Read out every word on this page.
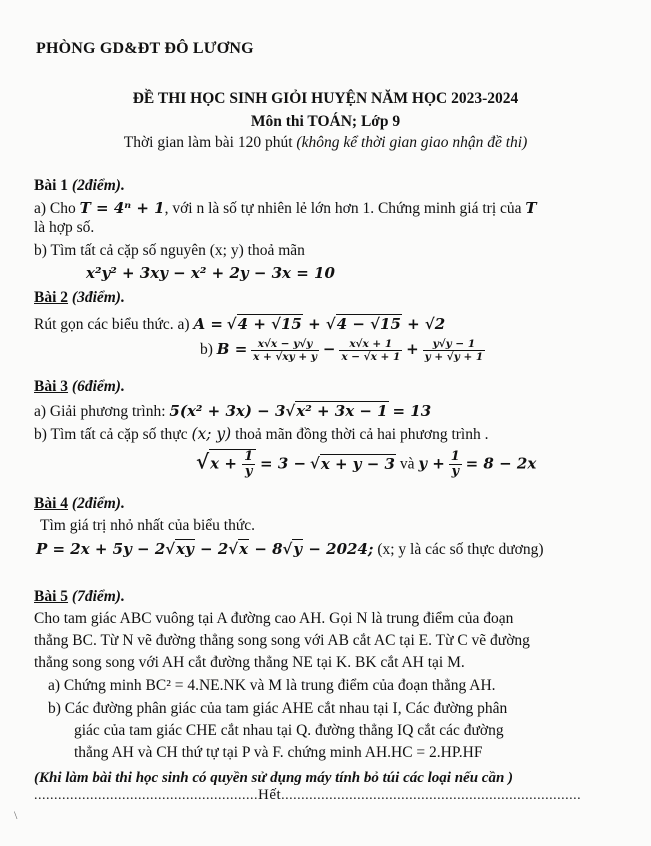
PHÒNG GD&ĐT ĐÔ LƯƠNG
ĐỀ THI HỌC SINH GIỎI HUYỆN NĂM HỌC 2023-2024
Môn thi TOÁN; Lớp 9
Thời gian làm bài 120 phút (không kể thời gian giao nhận đề thi)
Bài 1 (2điểm).
a) Cho T = 4ⁿ + 1, với n là số tự nhiên lẻ lớn hơn 1. Chứng minh giá trị của T
là hợp số.
b) Tìm tất cả cặp số nguyên (x; y) thoả mãn
x²y² + 3xy − x² + 2y − 3x = 10
Bài 2 (3điểm).
Rút gọn các biểu thức. a) A = √4 + √15 + √4 − √15 + √2
b) $B = \frac{x√x - y√y}{x + √xy + y} - \frac{x√x + 1}{x - √x + 1} + \frac{y√y - 1}{y + √y + 1}$
Bài 3 (6điểm).
a) Giải phương trình: 5(x² + 3x) − 3√x² + 3x − 1 = 13
b) Tìm tất cả cặp số thực (x; y) thoả mãn đồng thời cả hai phương trình .
$√x + \frac{1}{y} = 3 - √x + y - 3$ và $y + \frac{1}{y} = 8 - 2x$
Bài 4 (2điểm).
Tìm giá trị nhỏ nhất của biểu thức.
P = 2x + 5y − 2√xy − 2√x − 8√y − 2024; (x; y là các số thực dương)
Bài 5 (7điểm).
Cho tam giác ABC vuông tại A đường cao AH. Gọi N là trung điểm của đoạn
thẳng BC. Từ N vẽ đường thẳng song song với AB cắt AC tại E. Từ C vẽ đường
thẳng song song với AH cắt đường thẳng NE tại K. BK cắt AH tại M.
a) Chứng minh BC² = 4.NE.NK và M là trung điểm của đoạn thẳng AH.
b) Các đường phân giác của tam giác AHE cắt nhau tại I, Các đường phân
giác của tam giác CHE cắt nhau tại Q. đường thẳng IQ cắt các đường
thẳng AH và CH thứ tự tại P và F. chứng minh AH.HC = 2.HP.HF
(Khi làm bài thi học sinh có quyền sử dụng máy tính bỏ túi các loại nếu cần )
........................................................Hết...........................................................................
\
